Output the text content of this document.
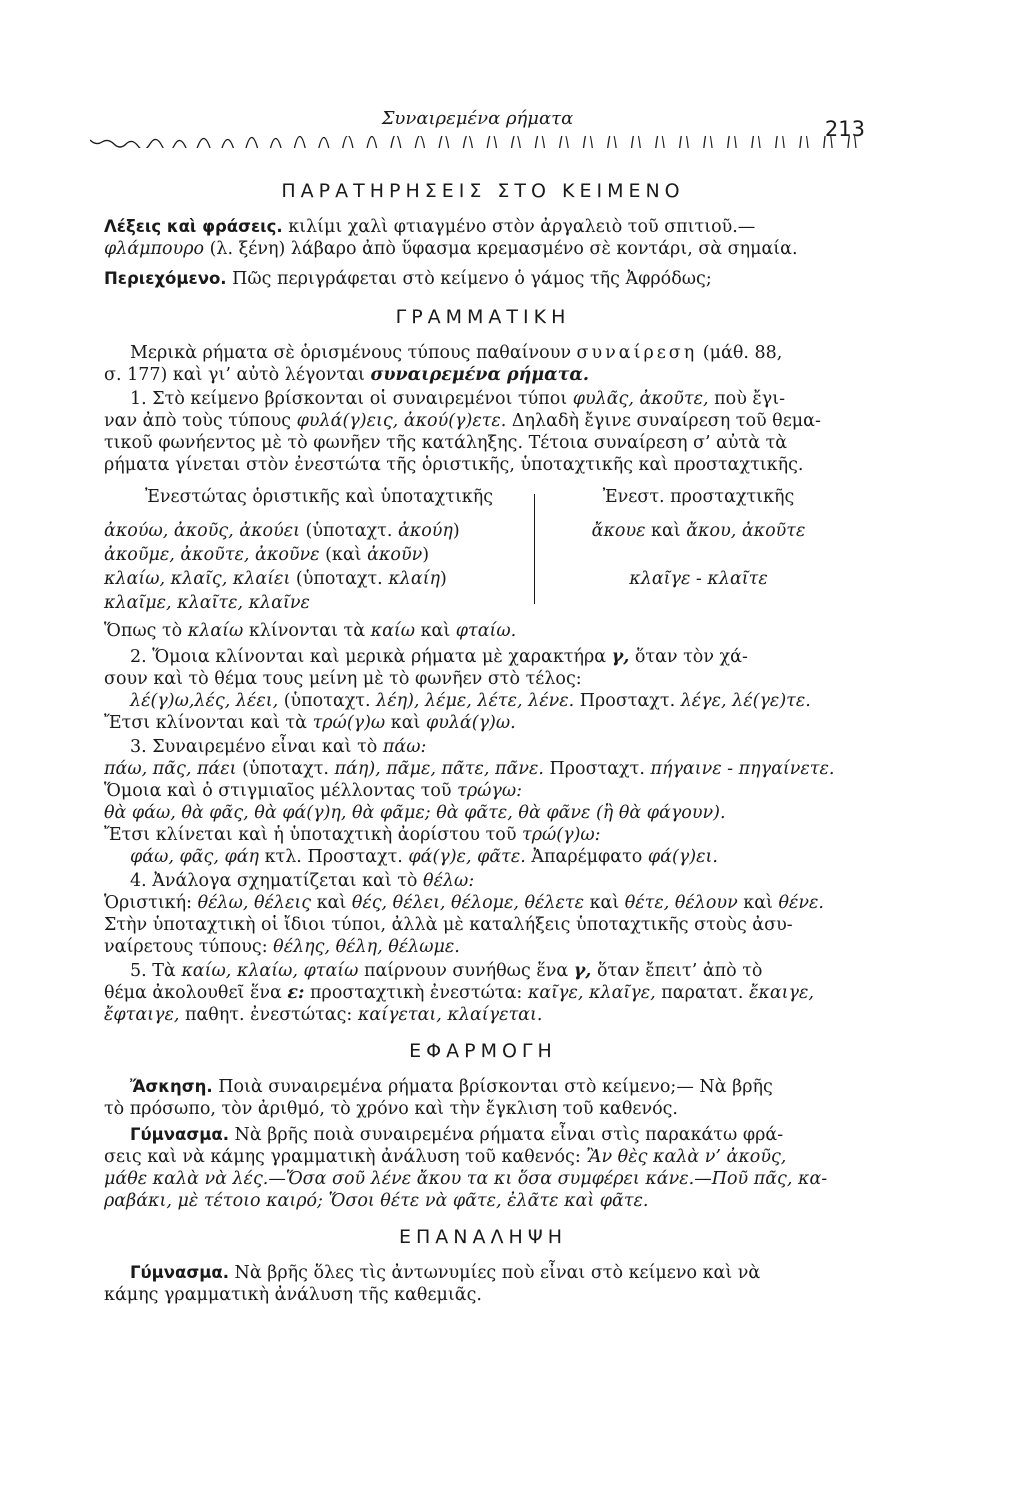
Συναιρεμένα ρήματα	213
ΠΑΡΑΤΗΡΗΣΕΙΣ ΣΤΟ ΚΕΙΜΕΝΟ
Λέξεις καὶ φράσεις. κιλίμι χαλὶ φτιαγμένο στὸν ἀργαλειὸ τοῦ σπιτιοῦ.—
φλάμπουρο (λ. ξένη) λάβαρο ἀπὸ ὕφασμα κρεμασμένο σὲ κοντάρι, σὰ σημαία.
Περιεχόμενο. Πῶς περιγράφεται στὸ κείμενο ὁ γάμος τῆς Ἀφρόδως;
ΓΡΑΜΜΑΤΙΚΗ
Μερικὰ ρήματα σὲ ὁρισμένους τύπους παθαίνουν συναίρεση (μάθ. 88,
σ. 177) καὶ γι’ αὐτὸ λέγονται συναιρεμένα ρήματα.
1. Στὸ κείμενο βρίσκονται οἱ συναιρεμένοι τύποι φυλᾶς, ἀκοῦτε, ποὺ ἔγι-
ναν ἀπὸ τοὺς τύπους φυλά(γ)εις, ἀκού(γ)ετε. Δηλαδὴ ἔγινε συναίρεση τοῦ θεμα-
τικοῦ φωνήεντος μὲ τὸ φωνῆεν τῆς κατάληξης. Τέτοια συναίρεση σ’ αὐτὰ τὰ
ρήματα γίνεται στὸν ἐνεστώτα τῆς ὁριστικῆς, ὑποταχτικῆς καὶ προσταχτικῆς.
Ἐνεστώτας ὁριστικῆς καὶ ὑποταχτικῆς
ἀκούω, ἀκοῦς, ἀκούει (ὑποταχτ. ἀκούη)
ἀκοῦμε, ἀκοῦτε, ἀκοῦνε (καὶ ἀκοῦν)
κλαίω, κλαῖς, κλαίει (ὑποταχτ. κλαίη)
κλαῖμε, κλαῖτε, κλαῖνε
Ἐνεστ. προσταχτικῆς
ἄκουε καὶ ἄκου, ἀκοῦτε
κλαῖγε - κλαῖτε
Ὅπως τὸ κλαίω κλίνονται τὰ καίω καὶ φταίω.
2. Ὅμοια κλίνονται καὶ μερικὰ ρήματα μὲ χαρακτήρα γ, ὅταν τὸν χά-
σουν καὶ τὸ θέμα τους μείνη μὲ τὸ φωνῆεν στὸ τέλος:
λέ(γ)ω,λές, λέει, (ὑποταχτ. λέη), λέμε, λέτε, λένε. Προσταχτ. λέγε, λέ(γε)τε.
Ἔτσι κλίνονται καὶ τὰ τρώ(γ)ω καὶ φυλά(γ)ω.
3. Συναιρεμένο εἶναι καὶ τὸ πάω:
πάω, πᾶς, πάει (ὑποταχτ. πάη), πᾶμε, πᾶτε, πᾶνε. Προσταχτ. πήγαινε - πηγαίνετε.
Ὅμοια καὶ ὁ στιγμιαῖος μέλλοντας τοῦ τρώγω:
θὰ φάω, θὰ φᾶς, θὰ φά(γ)η, θὰ φᾶμε; θὰ φᾶτε, θὰ φᾶνε (ἢ θὰ φάγουν).
Ἔτσι κλίνεται καὶ ἡ ὑποταχτικὴ ἀορίστου τοῦ τρώ(γ)ω:
φάω, φᾶς, φάη κτλ. Προσταχτ. φά(γ)ε, φᾶτε. Ἀπαρέμφατο φά(γ)ει.
4. Ἀνάλογα σχηματίζεται καὶ τὸ θέλω:
Ὁριστική: θέλω, θέλεις καὶ θές, θέλει, θέλομε, θέλετε καὶ θέτε, θέλουν καὶ θένε.
Στὴν ὑποταχτικὴ οἱ ἴδιοι τύποι, ἀλλὰ μὲ καταλήξεις ὑποταχτικῆς στοὺς ἀσυ-
ναίρετους τύπους: θέλης, θέλη, θέλωμε.
5. Τὰ καίω, κλαίω, φταίω παίρνουν συνήθως ἕνα γ, ὅταν ἔπειτ’ ἀπὸ τὸ
θέμα ἀκολουθεῖ ἕνα ε: προσταχτικὴ ἐνεστώτα: καῖγε, κλαῖγε, παρατατ. ἔκαιγε,
ἔφταιγε, παθητ. ἐνεστώτας: καίγεται, κλαίγεται.
ΕΦΑΡΜΟΓΗ
Ἄσκηση. Ποιὰ συναιρεμένα ρήματα βρίσκονται στὸ κείμενο;— Νὰ βρῆς
τὸ πρόσωπο, τὸν ἀριθμό, τὸ χρόνο καὶ τὴν ἔγκλιση τοῦ καθενός.
Γύμνασμα. Νὰ βρῆς ποιὰ συναιρεμένα ρήματα εἶναι στὶς παρακάτω φρά-
σεις καὶ νὰ κάμης γραμματικὴ ἀνάλυση τοῦ καθενός: Ἂν θὲς καλὰ ν’ ἀκοῦς,
μάθε καλὰ νὰ λές.—Ὅσα σοῦ λένε ἄκου τα κι ὅσα συμφέρει κάνε.—Ποῦ πᾶς, κα-
ραβάκι, μὲ τέτοιο καιρό; Ὅσοι θέτε νὰ φᾶτε, ἐλᾶτε καὶ φᾶτε.
ΕΠΑΝΑΛΗΨΗ
Γύμνασμα. Νὰ βρῆς ὅλες τὶς ἀντωνυμίες ποὺ εἶναι στὸ κείμενο καὶ νὰ
κάμης γραμματικὴ ἀνάλυση τῆς καθεμιᾶς.
